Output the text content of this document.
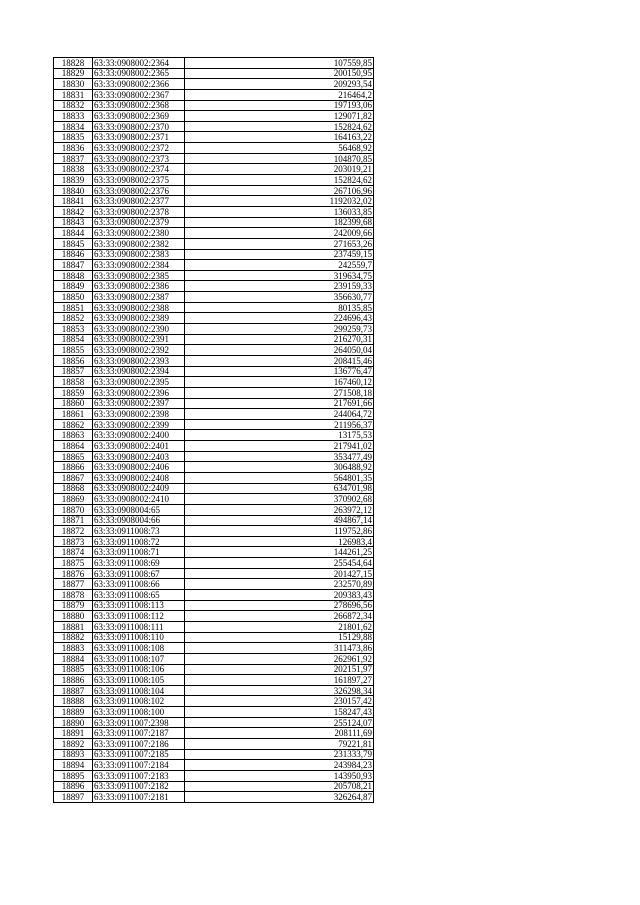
18828	63:33:0908002:2364	107559,85
18829	63:33:0908002:2365	200150,95
18830	63:33:0908002:2366	209293,54
18831	63:33:0908002:2367	216464,2
18832	63:33:0908002:2368	197193,06
18833	63:33:0908002:2369	129071,82
18834	63:33:0908002:2370	152824,62
18835	63:33:0908002:2371	164163,22
18836	63:33:0908002:2372	56468,92
18837	63:33:0908002:2373	104870,85
18838	63:33:0908002:2374	203019,21
18839	63:33:0908002:2375	152824,62
18840	63:33:0908002:2376	267106,96
18841	63:33:0908002:2377	1192032,02
18842	63:33:0908002:2378	136033,85
18843	63:33:0908002:2379	182399,68
18844	63:33:0908002:2380	242009,66
18845	63:33:0908002:2382	271653,26
18846	63:33:0908002:2383	237459,15
18847	63:33:0908002:2384	242559,7
18848	63:33:0908002:2385	319634,75
18849	63:33:0908002:2386	239159,33
18850	63:33:0908002:2387	356630,77
18851	63:33:0908002:2388	80135,85
18852	63:33:0908002:2389	224696,43
18853	63:33:0908002:2390	299259,73
18854	63:33:0908002:2391	216270,31
18855	63:33:0908002:2392	264050,04
18856	63:33:0908002:2393	208415,46
18857	63:33:0908002:2394	136776,47
18858	63:33:0908002:2395	167460,12
18859	63:33:0908002:2396	271508,18
18860	63:33:0908002:2397	217691,66
18861	63:33:0908002:2398	244064,72
18862	63:33:0908002:2399	211956,37
18863	63:33:0908002:2400	13175,53
18864	63:33:0908002:2401	217941,02
18865	63:33:0908002:2403	353477,49
18866	63:33:0908002:2406	306488,92
18867	63:33:0908002:2408	564801,35
18868	63:33:0908002:2409	634701,98
18869	63:33:0908002:2410	370902,68
18870	63:33:0908004:65	263972,12
18871	63:33:0908004:66	494867,14
18872	63:33:0911008:73	119752,86
18873	63:33:0911008:72	126983,4
18874	63:33:0911008:71	144261,25
18875	63:33:0911008:69	255454,64
18876	63:33:0911008:67	201427,15
18877	63:33:0911008:66	232570,89
18878	63:33:0911008:65	209383,43
18879	63:33:0911008:113	278696,56
18880	63:33:0911008:112	266872,34
18881	63:33:0911008:111	21801,62
18882	63:33:0911008:110	15129,88
18883	63:33:0911008:108	311473,86
18884	63:33:0911008:107	262961,92
18885	63:33:0911008:106	202151,97
18886	63:33:0911008:105	161897,27
18887	63:33:0911008:104	326298,34
18888	63:33:0911008:102	230157,42
18889	63:33:0911008:100	158247,43
18890	63:33:0911007:2398	255124,07
18891	63:33:0911007:2187	208111,69
18892	63:33:0911007:2186	79221,81
18893	63:33:0911007:2185	231333,79
18894	63:33:0911007:2184	243984,23
18895	63:33:0911007:2183	143950,93
18896	63:33:0911007:2182	205708,21
18897	63:33:0911007:2181	326264,87
